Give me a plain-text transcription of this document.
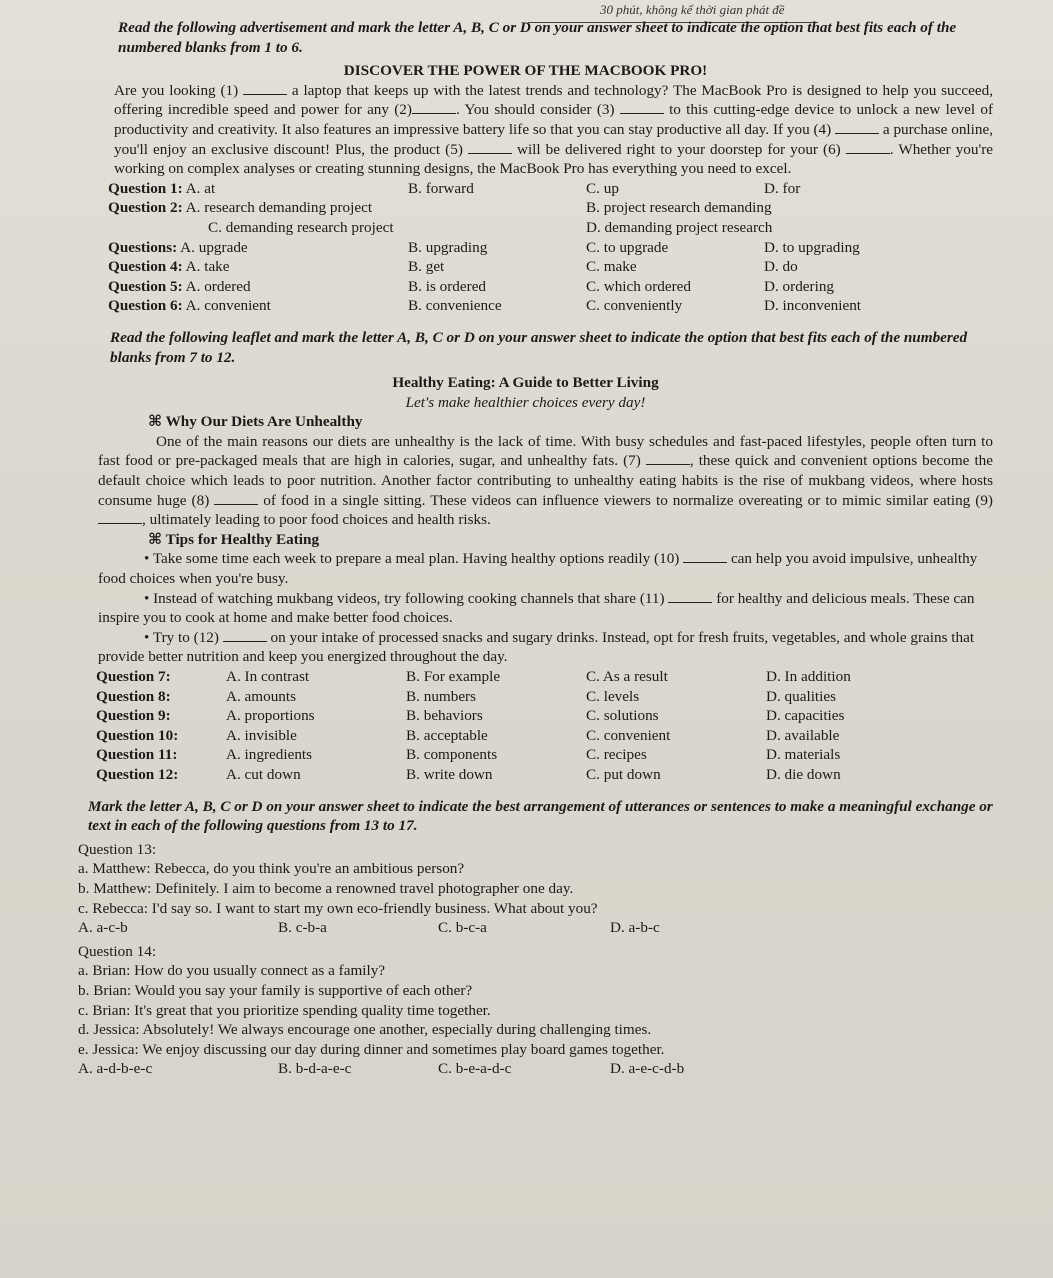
30 phút, không kể thời gian phát đề

Read the following advertisement and mark the letter A, B, C or D on your answer sheet to indicate the option that best fits each of the numbered blanks from 1 to 6.

DISCOVER THE POWER OF THE MACBOOK PRO!

Are you looking (1)	a laptop that keeps up with the latest trends and technology? The MacBook Pro is designed to help you succeed, offering incredible speed and power for any (2)	. You should consider (3)	to this cutting-edge device to unlock a new level of productivity and creativity. It also features an impressive battery life so that you can stay productive all day. If you (4)	a purchase online, you'll enjoy an exclusive discount! Plus, the product (5)	will be delivered right to your doorstep for your (6)	. Whether you're working on complex analyses or creating stunning designs, the MacBook Pro has everything you need to excel.

Question 1: A. at	B. forward	C. up	D. for
Question 2: A. research demanding project	B. project research demanding
C. demanding research project	D. demanding project research
Questions: A. upgrade	B. upgrading	C. to upgrade	D. to upgrading
Question 4: A. take	B. get	C. make	D. do
Question 5: A. ordered	B. is ordered	C. which ordered	D. ordering
Question 6: A. convenient	B. convenience	C. conveniently	D. inconvenient

Read the following leaflet and mark the letter A, B, C or D on your answer sheet to indicate the option that best fits each of the numbered blanks from 7 to 12.

Healthy Eating: A Guide to Better Living

Let's make healthier choices every day!

⌘ Why Our Diets Are Unhealthy

One of the main reasons our diets are unhealthy is the lack of time. With busy schedules and fast-paced lifestyles, people often turn to fast food or pre-packaged meals that are high in calories, sugar, and unhealthy fats. (7)	, these quick and convenient options become the default choice which leads to poor nutrition. Another factor contributing to unhealthy eating habits is the rise of mukbang videos, where hosts consume huge (8)	of food in a single sitting. These videos can influence viewers to normalize overeating or to mimic similar eating (9) , ultimately leading to poor food choices and health risks.

⌘ Tips for Healthy Eating

• Take some time each week to prepare a meal plan. Having healthy options readily (10)	can help you avoid impulsive, unhealthy food choices when you're busy.

• Instead of watching mukbang videos, try following cooking channels that share (11)	for healthy and delicious meals. These can inspire you to cook at home and make better food choices.

• Try to (12)	on your intake of processed snacks and sugary drinks. Instead, opt for fresh fruits, vegetables, and whole grains that provide better nutrition and keep you energized throughout the day.

Question 7:	A. In contrast	B. For example	C. As a result	D. In addition
Question 8:	A. amounts	B. numbers	C. levels	D. qualities
Question 9:	A. proportions	B. behaviors	C. solutions	D. capacities
Question 10:	A. invisible	B. acceptable	C. convenient	D. available
Question 11:	A. ingredients	B. components	C. recipes	D. materials
Question 12:	A. cut down	B. write down	C. put down	D. die down

Mark the letter A, B, C or D on your answer sheet to indicate the best arrangement of utterances or sentences to make a meaningful exchange or text in each of the following questions from 13 to 17.

Question 13:

a. Matthew: Rebecca, do you think you're an ambitious person?

b. Matthew: Definitely. I aim to become a renowned travel photographer one day.

c. Rebecca: I'd say so. I want to start my own eco-friendly business. What about you?

A. a-c-b	B. c-b-a	C. b-c-a	D. a-b-c

Question 14:

a. Brian: How do you usually connect as a family?

b. Brian: Would you say your family is supportive of each other?

c. Brian: It's great that you prioritize spending quality time together.

d. Jessica: Absolutely! We always encourage one another, especially during challenging times.

e. Jessica: We enjoy discussing our day during dinner and sometimes play board games together.

A. a-d-b-e-c	B. b-d-a-e-c	C. b-e-a-d-c	D. a-e-c-d-b
